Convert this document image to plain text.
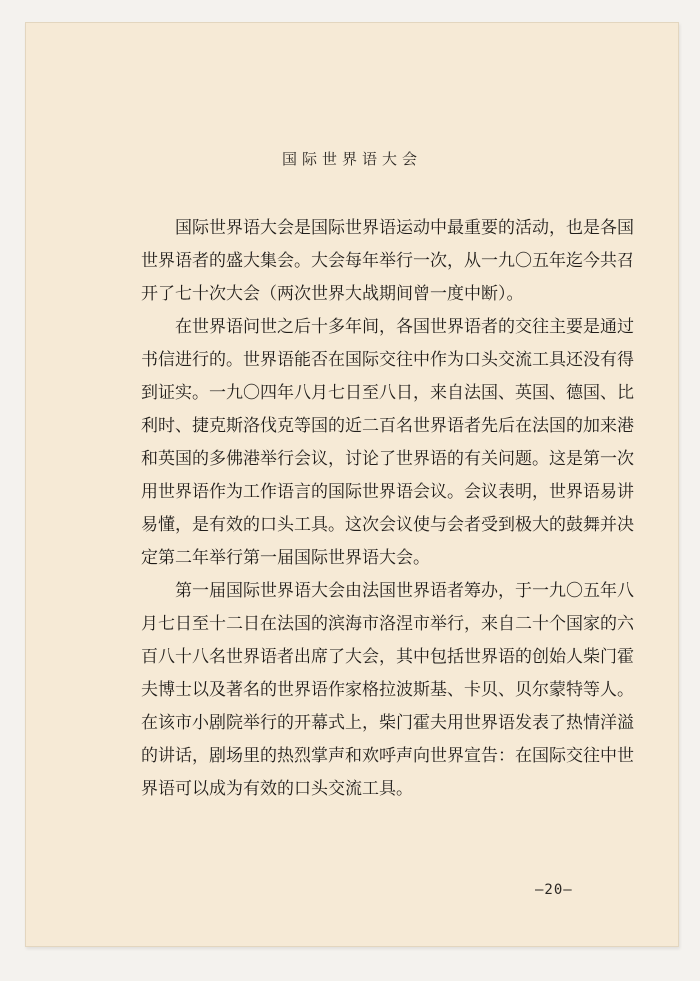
国际世界语大会
　　国际世界语大会是国际世界语运动中最重要的活动，也是各国
世界语者的盛大集会。大会每年举行一次，从一九〇五年迄今共召
开了七十次大会（两次世界大战期间曾一度中断）。
　　在世界语问世之后十多年间，各国世界语者的交往主要是通过
书信进行的。世界语能否在国际交往中作为口头交流工具还没有得
到证实。一九〇四年八月七日至八日，来自法国、英国、德国、比
利时、捷克斯洛伐克等国的近二百名世界语者先后在法国的加来港
和英国的多佛港举行会议，讨论了世界语的有关问题。这是第一次
用世界语作为工作语言的国际世界语会议。会议表明，世界语易讲
易懂，是有效的口头工具。这次会议使与会者受到极大的鼓舞并决
定第二年举行第一届国际世界语大会。
　　第一届国际世界语大会由法国世界语者筹办，于一九〇五年八
月七日至十二日在法国的滨海市洛涅市举行，来自二十个国家的六
百八十八名世界语者出席了大会，其中包括世界语的创始人柴门霍
夫博士以及著名的世界语作家格拉波斯基、卡贝、贝尔蒙特等人。
在该市小剧院举行的开幕式上，柴门霍夫用世界语发表了热情洋溢
的讲话，剧场里的热烈掌声和欢呼声向世界宣告：在国际交往中世
界语可以成为有效的口头交流工具。
—20—
